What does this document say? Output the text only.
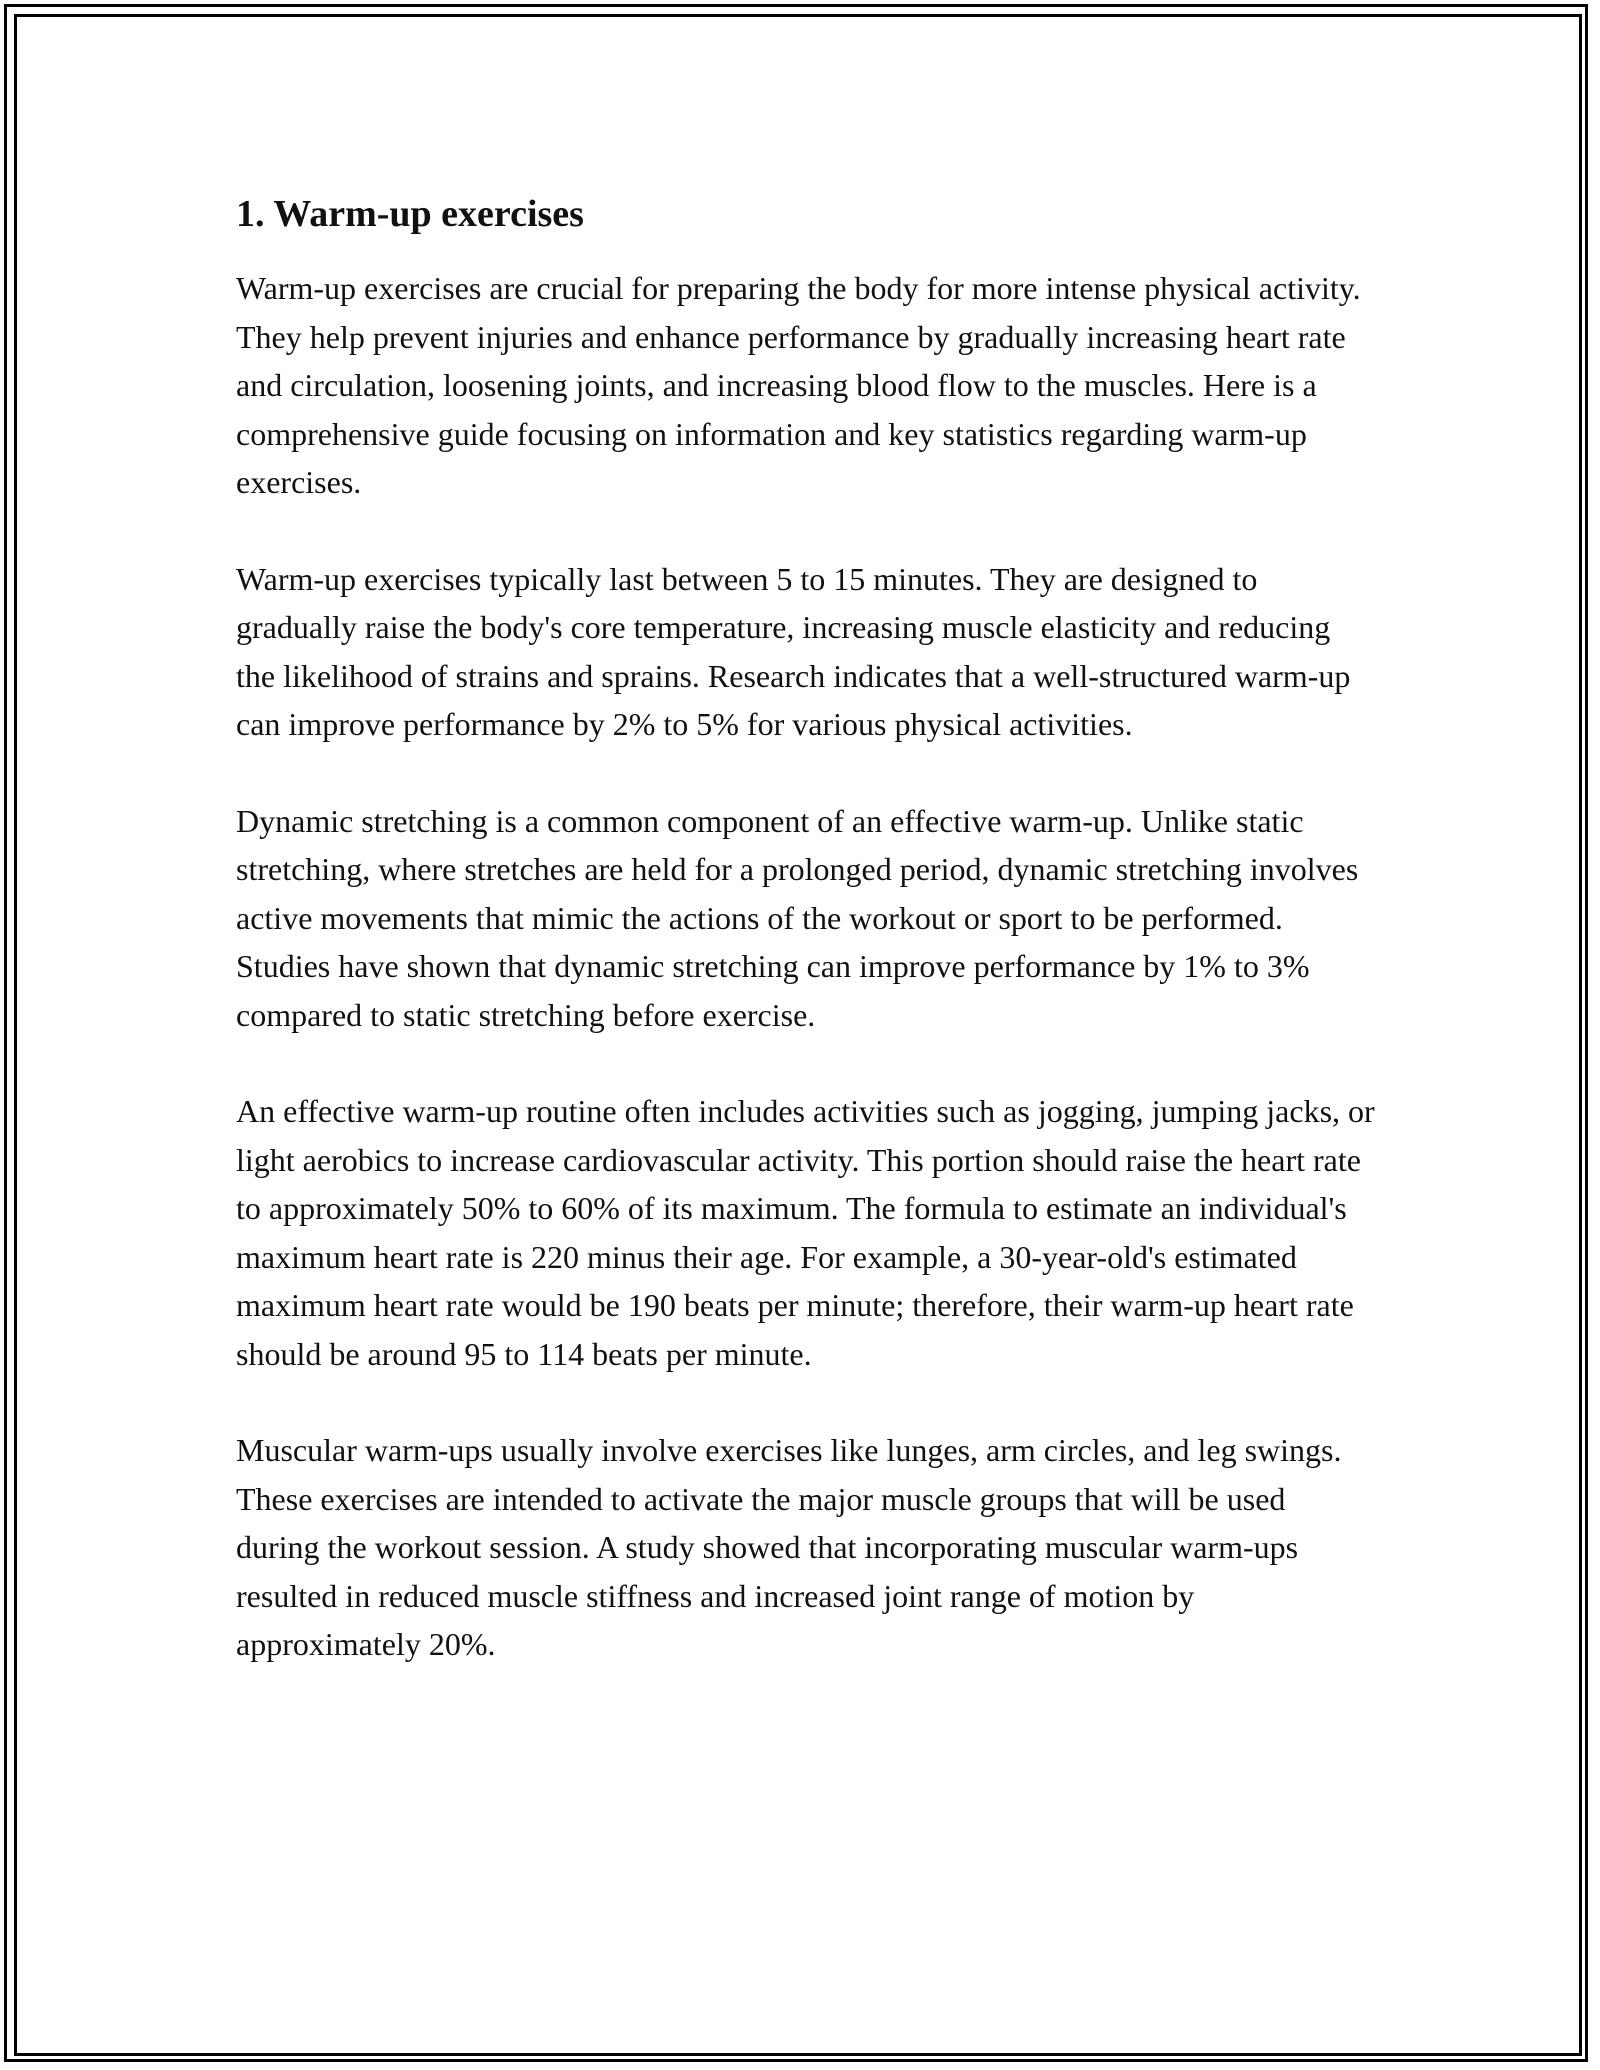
1. Warm-up exercises

Warm-up exercises are crucial for preparing the body for more intense physical activity. They help prevent injuries and enhance performance by gradually increasing heart rate and circulation, loosening joints, and increasing blood flow to the muscles. Here is a comprehensive guide focusing on information and key statistics regarding warm-up exercises.

Warm-up exercises typically last between 5 to 15 minutes. They are designed to gradually raise the body's core temperature, increasing muscle elasticity and reducing the likelihood of strains and sprains. Research indicates that a well-structured warm-up can improve performance by 2% to 5% for various physical activities.

Dynamic stretching is a common component of an effective warm-up. Unlike static stretching, where stretches are held for a prolonged period, dynamic stretching involves active movements that mimic the actions of the workout or sport to be performed. Studies have shown that dynamic stretching can improve performance by 1% to 3% compared to static stretching before exercise.

An effective warm-up routine often includes activities such as jogging, jumping jacks, or light aerobics to increase cardiovascular activity. This portion should raise the heart rate to approximately 50% to 60% of its maximum. The formula to estimate an individual's maximum heart rate is 220 minus their age. For example, a 30-year-old's estimated maximum heart rate would be 190 beats per minute; therefore, their warm-up heart rate should be around 95 to 114 beats per minute.

Muscular warm-ups usually involve exercises like lunges, arm circles, and leg swings. These exercises are intended to activate the major muscle groups that will be used during the workout session. A study showed that incorporating muscular warm-ups resulted in reduced muscle stiffness and increased joint range of motion by approximately 20%.
